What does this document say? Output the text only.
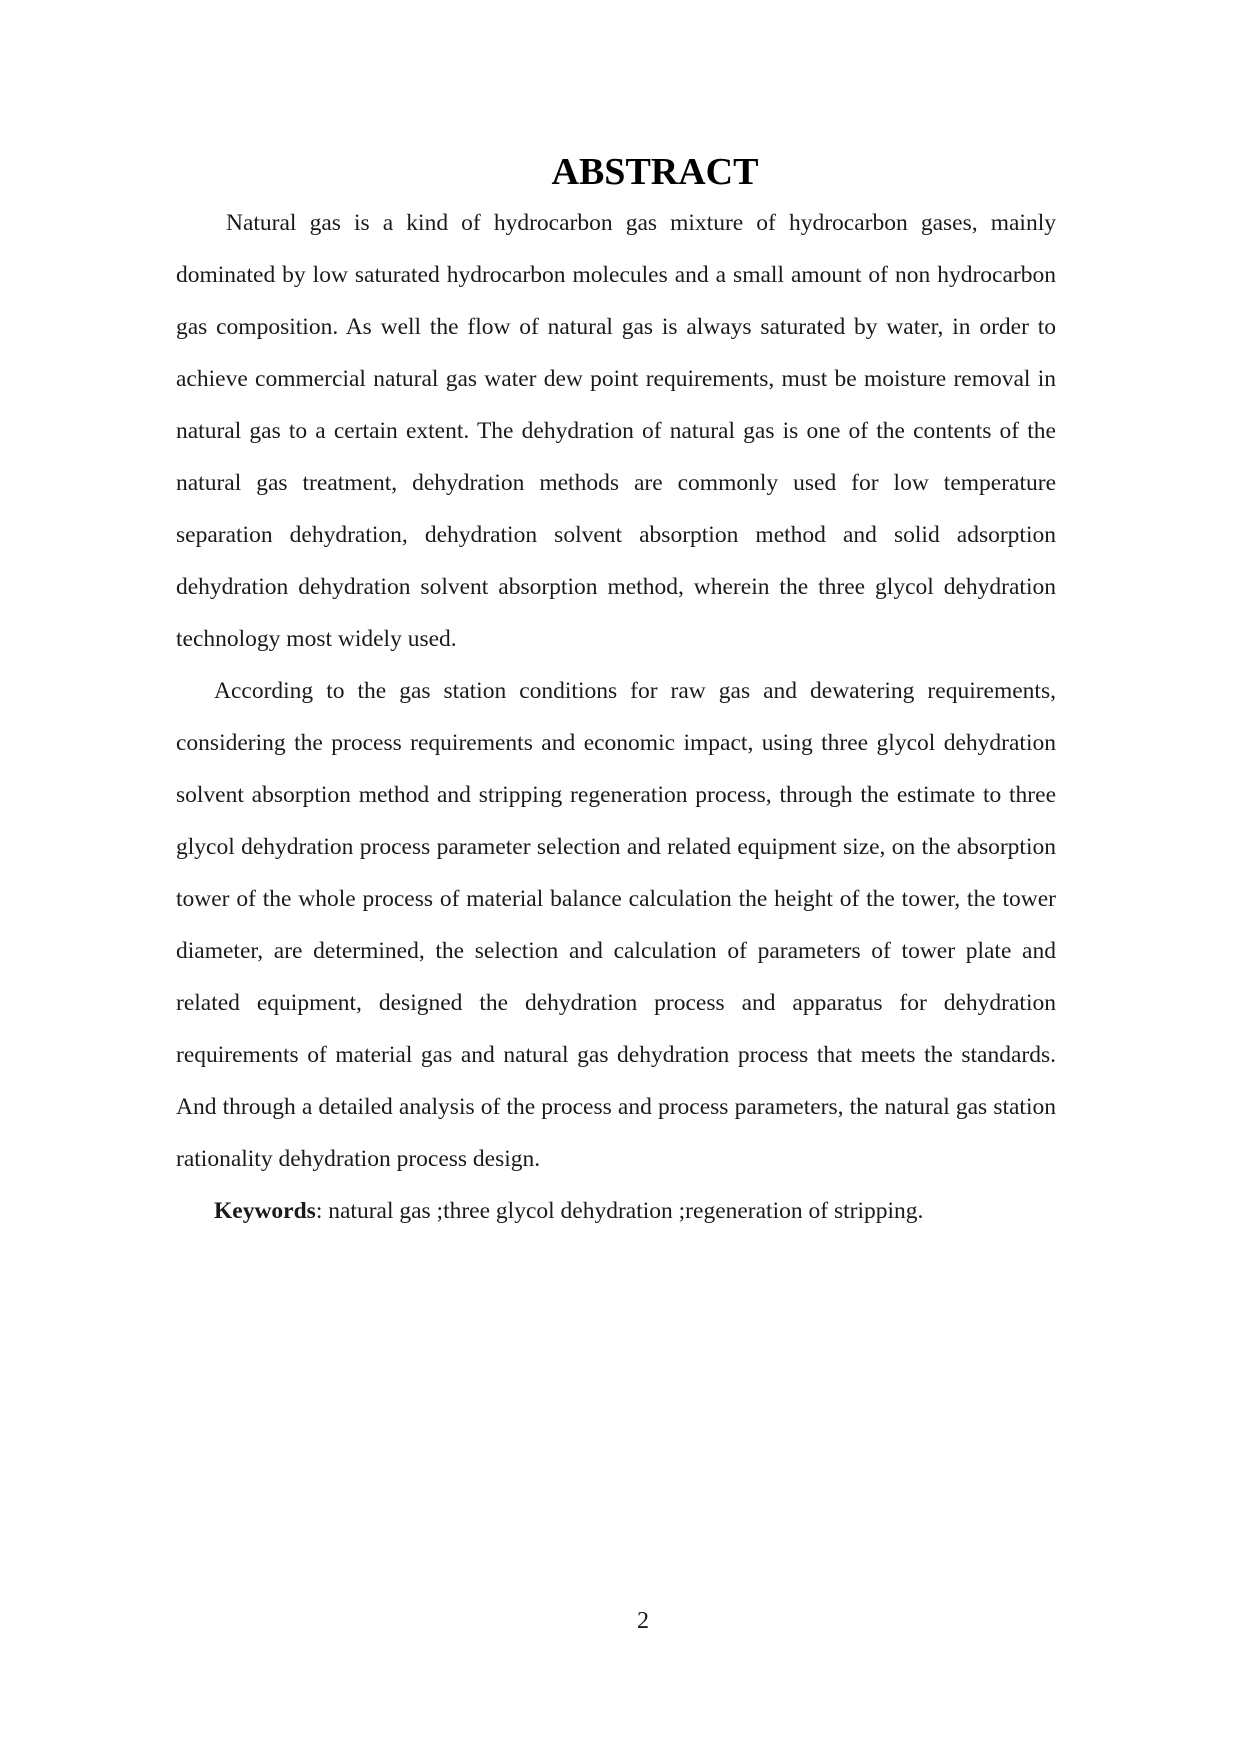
ABSTRACT

Natural gas is a kind of hydrocarbon gas mixture of hydrocarbon gases, mainly dominated by low saturated hydrocarbon molecules and a small amount of non hydrocarbon gas composition. As well the flow of natural gas is always saturated by water, in order to achieve commercial natural gas water dew point requirements, must be moisture removal in natural gas to a certain extent. The dehydration of natural gas is one of the contents of the natural gas treatment, dehydration methods are commonly used for low temperature separation dehydration, dehydration solvent absorption method and solid adsorption dehydration dehydration solvent absorption method, wherein the three glycol dehydration technology most widely used.

According to the gas station conditions for raw gas and dewatering requirements, considering the process requirements and economic impact, using three glycol dehydration solvent absorption method and stripping regeneration process, through the estimate to three glycol dehydration process parameter selection and related equipment size, on the absorption tower of the whole process of material balance calculation the height of the tower, the tower diameter, are determined, the selection and calculation of parameters of tower plate and related equipment, designed the dehydration process and apparatus for dehydration requirements of material gas and natural gas dehydration process that meets the standards. And through a detailed analysis of the process and process parameters, the natural gas station rationality dehydration process design.

Keywords: natural gas ;three glycol dehydration ;regeneration of stripping.

2
